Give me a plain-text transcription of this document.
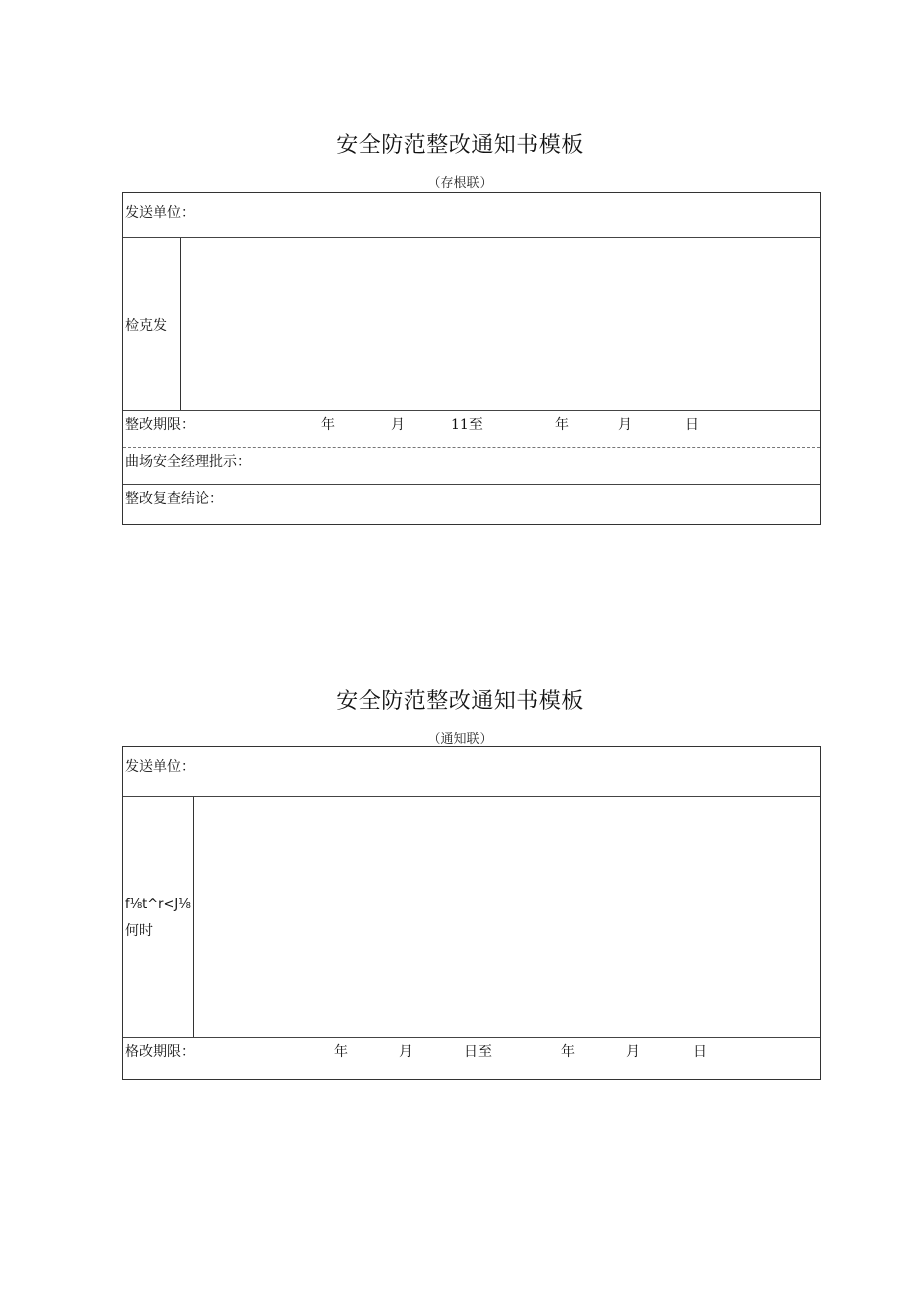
安全防范整改通知书模板
（存根联）
发送单位：
检克发
整改期限：	年	月	11至	年	月	日
曲场安全经理批示：
整改复查结论：
安全防范整改通知书模板
（通知联）
发送单位：
f⅛t^r<J⅛
何时
格改期限：	年	月	日至	年	月	日
